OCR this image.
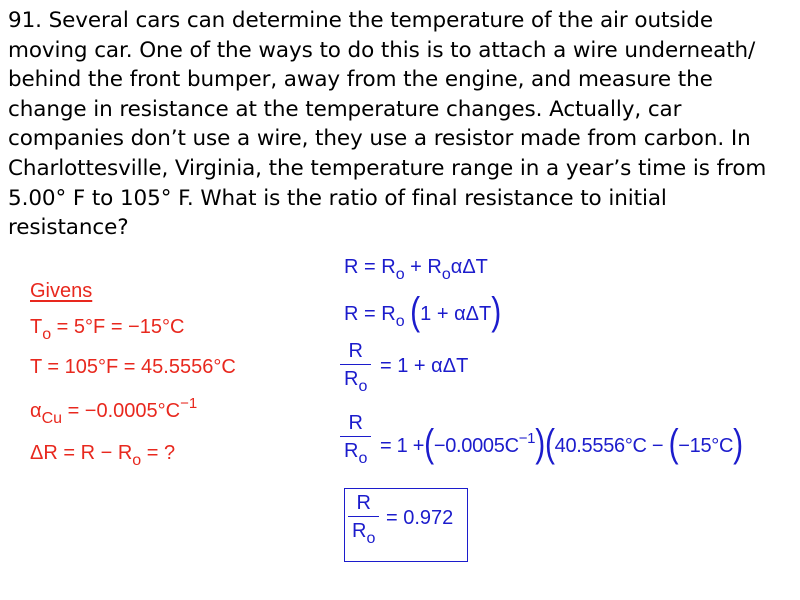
91. Several cars can determine the temperature of the air outside moving car. One of the ways to do this is to attach a wire underneath/ behind the front bumper, away from the engine, and measure the change in resistance at the temperature changes. Actually, car companies don’t use a wire, they use a resistor made from carbon. In Charlottesville, Virginia, the temperature range in a year’s time is from 5.00° F to 105° F. What is the ratio of final resistance to initial resistance?
Givens
$T_o = 5^\circ F = -15^\circ C$
T = 105°F = 45.5556°C
$\alpha_{Cu} = -0.0005^\circ C^{-1}$
$\Delta R = R - R_o$ = ?
$R = R_o + R_o\alpha\Delta T$
$R = R_o$ (1 + αΔT)
R
$R_o$
= 1 + αΔT
R
$R_o$
= $1 +(-0.0005C^{-1})(40.5556^\circ C - (-15^\circ C)$
R
$R_o$
= 0.972
